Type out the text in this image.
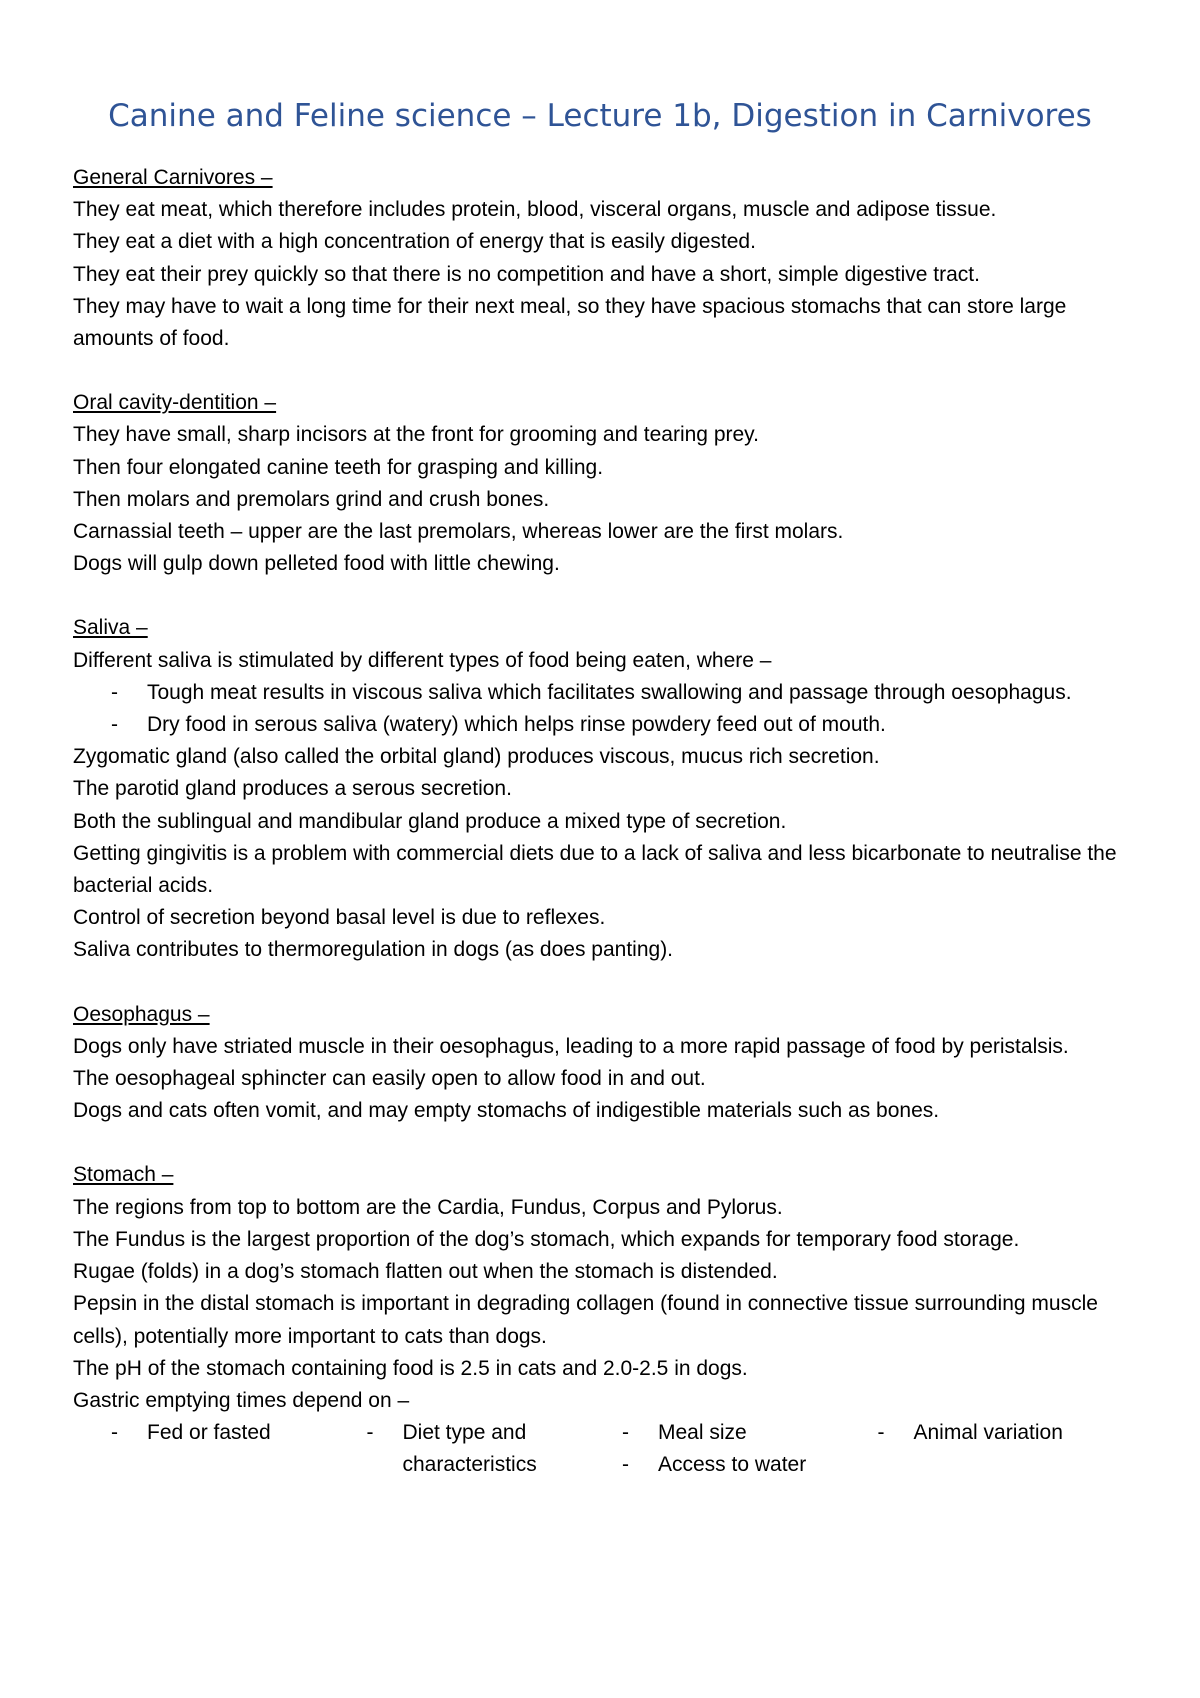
Canine and Feline science – Lecture 1b, Digestion in Carnivores
General Carnivores –
They eat meat, which therefore includes protein, blood, visceral organs, muscle and adipose tissue.
They eat a diet with a high concentration of energy that is easily digested.
They eat their prey quickly so that there is no competition and have a short, simple digestive tract.
They may have to wait a long time for their next meal, so they have spacious stomachs that can store large amounts of food.
Oral cavity-dentition –
They have small, sharp incisors at the front for grooming and tearing prey.
Then four elongated canine teeth for grasping and killing.
Then molars and premolars grind and crush bones.
Carnassial teeth – upper are the last premolars, whereas lower are the first molars.
Dogs will gulp down pelleted food with little chewing.
Saliva –
Different saliva is stimulated by different types of food being eaten, where –
- Tough meat results in viscous saliva which facilitates swallowing and passage through oesophagus.
- Dry food in serous saliva (watery) which helps rinse powdery feed out of mouth.
Zygomatic gland (also called the orbital gland) produces viscous, mucus rich secretion.
The parotid gland produces a serous secretion.
Both the sublingual and mandibular gland produce a mixed type of secretion.
Getting gingivitis is a problem with commercial diets due to a lack of saliva and less bicarbonate to neutralise the bacterial acids.
Control of secretion beyond basal level is due to reflexes.
Saliva contributes to thermoregulation in dogs (as does panting).
Oesophagus –
Dogs only have striated muscle in their oesophagus, leading to a more rapid passage of food by peristalsis.
The oesophageal sphincter can easily open to allow food in and out.
Dogs and cats often vomit, and may empty stomachs of indigestible materials such as bones.
Stomach –
The regions from top to bottom are the Cardia, Fundus, Corpus and Pylorus.
The Fundus is the largest proportion of the dog’s stomach, which expands for temporary food storage.
Rugae (folds) in a dog’s stomach flatten out when the stomach is distended.
Pepsin in the distal stomach is important in degrading collagen (found in connective tissue surrounding muscle cells), potentially more important to cats than dogs.
The pH of the stomach containing food is 2.5 in cats and 2.0-2.5 in dogs.
Gastric emptying times depend on –
- Fed or fasted
-	Diet type and characteristics
- Meal size
- Access to water
- Animal variation
